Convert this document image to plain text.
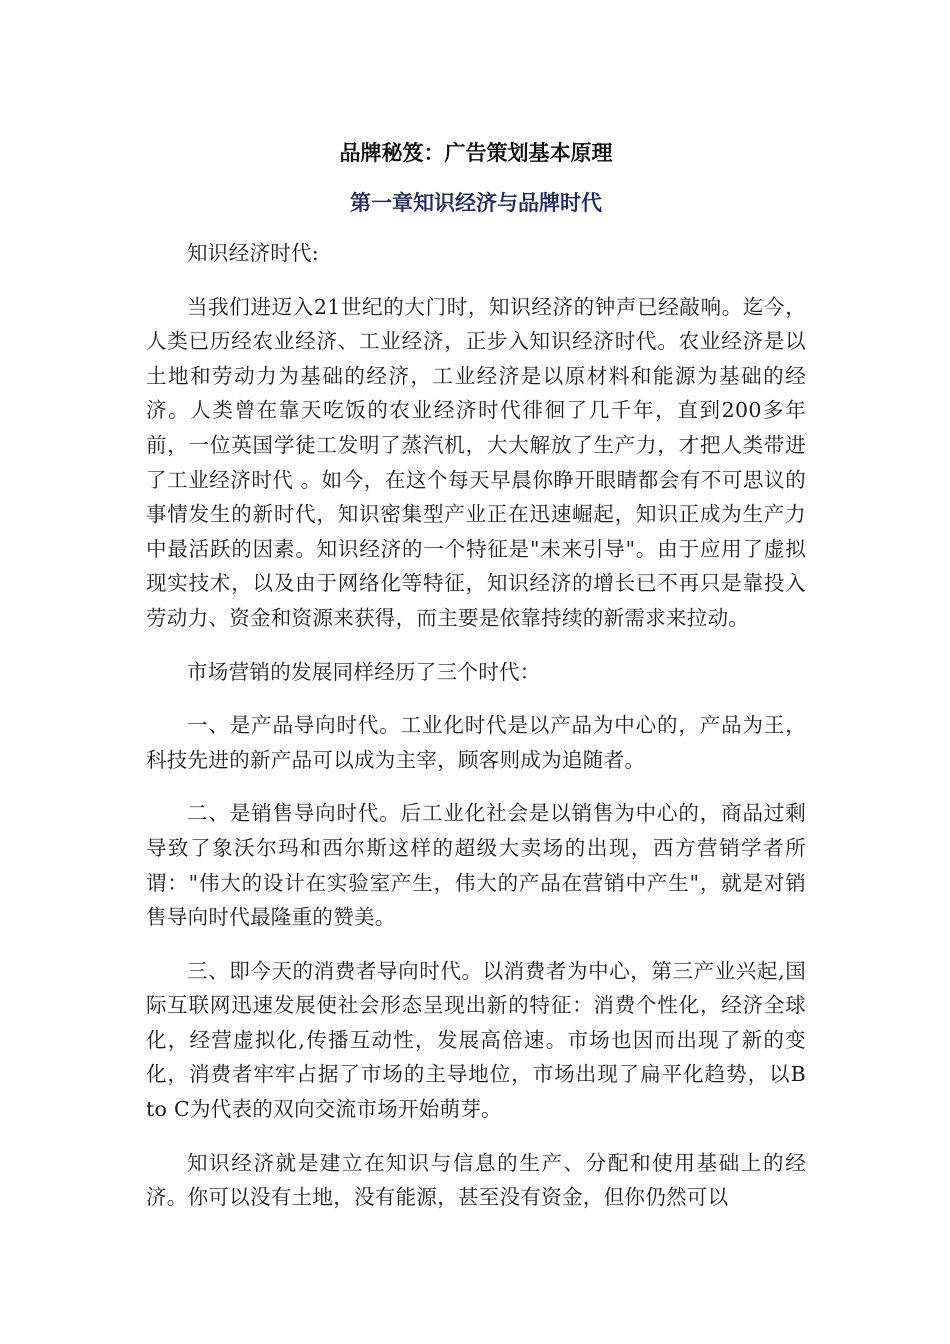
品牌秘笈：广告策划基本原理
第一章知识经济与品牌时代

知识经济时代:

当我们进迈入21世纪的大门时，知识经济的钟声已经敲响。迄今，人类已历经农业经济、工业经济，正步入知识经济时代。农业经济是以土地和劳动力为基础的经济，工业经济是以原材料和能源为基础的经济。人类曾在靠天吃饭的农业经济时代徘徊了几千年，直到200多年前，一位英国学徒工发明了蒸汽机，大大解放了生产力，才把人类带进了工业经济时代 。如今，在这个每天早晨你睁开眼睛都会有不可思议的事情发生的新时代，知识密集型产业正在迅速崛起，知识正成为生产力中最活跃的因素。知识经济的一个特征是"未来引导"。由于应用了虚拟现实技术，以及由于网络化等特征，知识经济的增长已不再只是靠投入劳动力、资金和资源来获得，而主要是依靠持续的新需求来拉动。

市场营销的发展同样经历了三个时代：

一、是产品导向时代。工业化时代是以产品为中心的，产品为王，科技先进的新产品可以成为主宰，顾客则成为追随者。

二、是销售导向时代。后工业化社会是以销售为中心的，商品过剩导致了象沃尔玛和西尔斯这样的超级大卖场的出现，西方营销学者所谓："伟大的设计在实验室产生，伟大的产品在营销中产生"，就是对销售导向时代最隆重的赞美。

三、即今天的消费者导向时代。以消费者为中心，第三产业兴起,国际互联网迅速发展使社会形态呈现出新的特征：消费个性化，经济全球化，经营虚拟化,传播互动性，发展高倍速。市场也因而出现了新的变化，消费者牢牢占据了市场的主导地位，市场出现了扁平化趋势，以B to C为代表的双向交流市场开始萌芽。

知识经济就是建立在知识与信息的生产、分配和使用基础上的经济。你可以没有土地，没有能源，甚至没有资金，但你仍然可以
